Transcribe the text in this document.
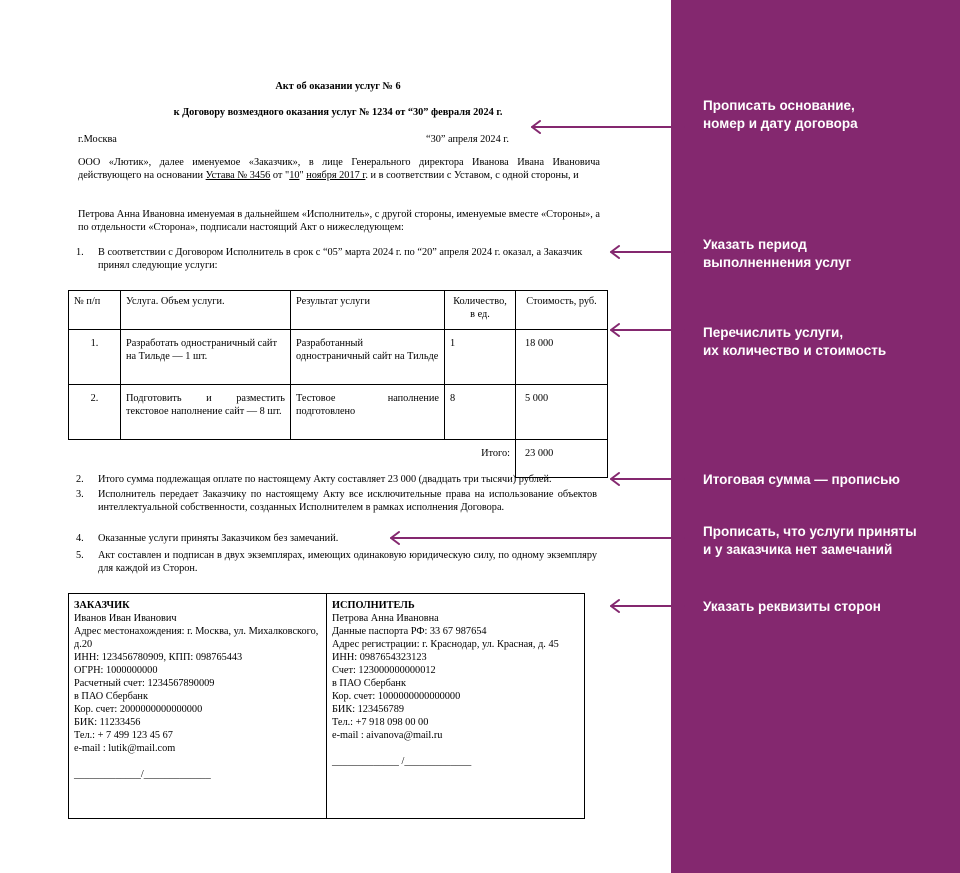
Акт об оказании услуг № 6
к Договору возмездного оказания услуг № 1234 от “30” февраля 2024 г.
г.Москва	“30” апреля 2024 г.
ООО «Лютик», далее именуемое «Заказчик», в лице Генерального директора Иванова Ивана Ивановича действующего на основании Устава № 3456 от "10" ноября 2017 г. и в соответствии с Уставом, с одной стороны, и
Петрова Анна Ивановна именуемая в дальнейшем «Исполнитель», с другой стороны, именуемые вместе «Стороны», а по отдельности «Сторона», подписали настоящий Акт о нижеследующем:
1.	В соответствии с Договором Исполнитель в срок с “05” марта 2024 г. по “20” апреля 2024 г. оказал, а Заказчик принял следующие услуги:
№ п/п	Услуга. Объем услуги.	Результат услуги	Количество, в ед.	Стоимость, руб.
1.	Разработать одностраничный сайт на Тильде — 1 шт.	Разработанный одностраничный сайт на Тильде	1	18 000
2.	Подготовить и разместить текстовое наполнение сайт — 8 шт.	Тестовое наполнение подготовлено	8	5 000
Итого:				23 000
2. Итого сумма подлежащая оплате по настоящему Акту составляет 23 000 (двадцать три тысячи) рублей.
3. Исполнитель передает Заказчику по настоящему Акту все исключительные права на использование объектов интеллектуальной собственности, созданных Исполнителем в рамках исполнения Договора.
4. Оказанные услуги приняты Заказчиком без замечаний.
5. Акт составлен и подписан в двух экземплярах, имеющих одинаковую юридическую силу, по одному экземпляру для каждой из Сторон.
ЗАКАЗЧИК
Иванов Иван Иванович
Адрес местонахождения: г. Москва, ул. Михалковского, д.20
ИНН: 123456780909, КПП: 098765443
ОГРН: 1000000000
Расчетный счет: 1234567890009
в ПАО Сбербанк
Кор. счет: 2000000000000000
БИК: 11233456
Тел.: + 7 499 123 45 67
e-mail : lutik@mail.com
_____________/_____________
ИСПОЛНИТЕЛЬ
Петрова Анна Ивановна
Данные паспорта РФ: 33 67 987654
Адрес регистрации: г. Краснодар, ул. Красная, д. 45
ИНН: 0987654323123
Счет: 123000000000012
в ПАО Сбербанк
Кор. счет: 1000000000000000
БИК: 123456789
Тел.: +7 918 098 00 00
e-mail : aivanova@mail.ru
_____________ /_____________
Прописать основание,
номер и дату договора
Указать период
выполненнения услуг
Перечислить услуги,
их количество и стоимость
Итоговая сумма — прописью
Прописать, что услуги приняты
и у заказчика нет замечаний
Указать реквизиты сторон
